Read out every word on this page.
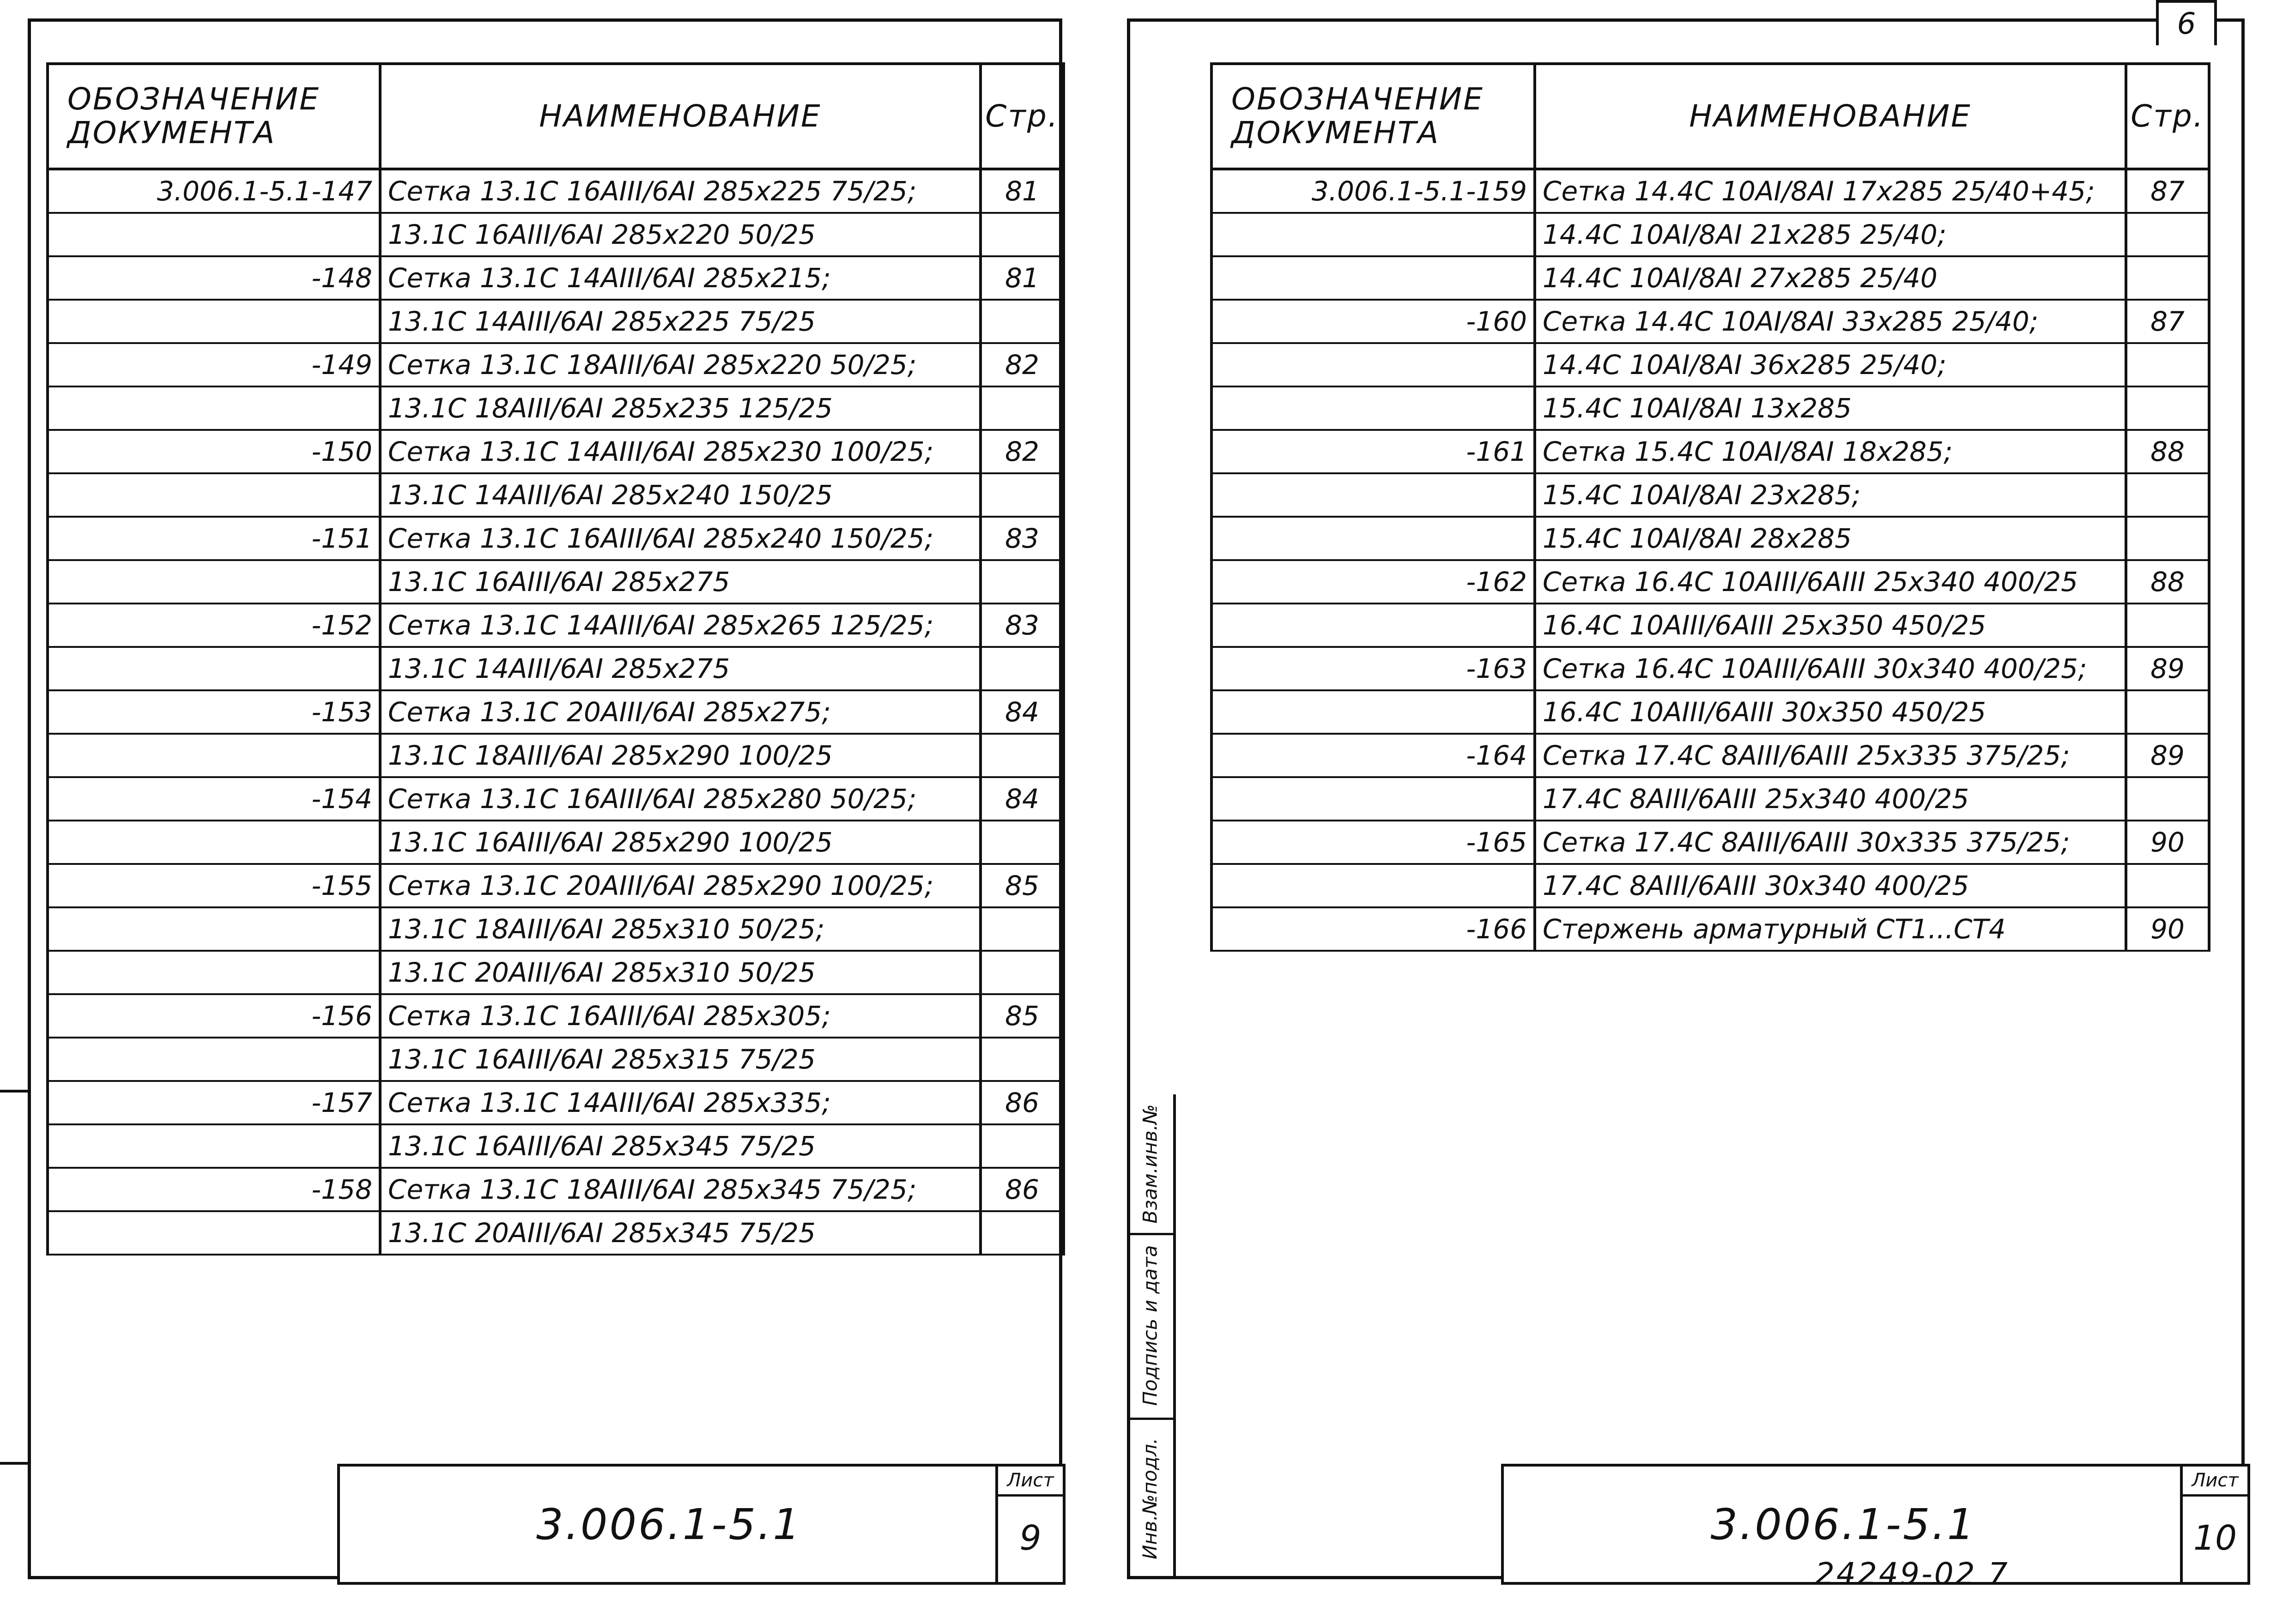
ОБОЗНАЧЕНИЕ ДОКУМЕНТА	НАИМЕНОВАНИЕ	Стр.
3.006.1-5.1-147	Сетка 13.1С 16AIII/6AI 285x225 75/25;	81
	13.1С 16AIII/6AI 285x220 50/25	
-148	Сетка 13.1С 14AIII/6AI 285x215;	81
	13.1С 14AIII/6AI 285x225 75/25	
-149	Сетка 13.1С 18AIII/6AI 285x220 50/25;	82
	13.1С 18AIII/6AI 285x235 125/25	
-150	Сетка 13.1С 14AIII/6AI 285x230 100/25;	82
	13.1С 14AIII/6AI 285x240 150/25	
-151	Сетка 13.1С 16AIII/6AI 285x240 150/25;	83
	13.1С 16AIII/6AI 285x275	
-152	Сетка 13.1С 14AIII/6AI 285x265 125/25;	83
	13.1С 14AIII/6AI 285x275	
-153	Сетка 13.1С 20AIII/6AI 285x275;	84
	13.1С 18AIII/6AI 285x290 100/25	
-154	Сетка 13.1С 16AIII/6AI 285x280 50/25;	84
	13.1С 16AIII/6AI 285x290 100/25	
-155	Сетка 13.1С 20AIII/6AI 285x290 100/25;	85
	13.1С 18AIII/6AI 285x310 50/25;	
	13.1С 20AIII/6AI 285x310 50/25	
-156	Сетка 13.1С 16AIII/6AI 285x305;	85
	13.1С 16AIII/6AI 285x315 75/25	
-157	Сетка 13.1С 14AIII/6AI 285x335;	86
	13.1С 16AIII/6AI 285x345 75/25	
-158	Сетка 13.1С 18AIII/6AI 285x345 75/25;	86
	13.1С 20AIII/6AI 285x345 75/25	
3.006.1-5.1
Лист
9
6
Взам.инв.№
Подпись и дата
Инв.№подл.
ОБОЗНАЧЕНИЕ ДОКУМЕНТА	НАИМЕНОВАНИЕ	Стр.
3.006.1-5.1-159	Сетка 14.4С 10AI/8AI 17x285 25/40+45;	87
	14.4С 10AI/8AI 21x285 25/40;	
	14.4С 10AI/8AI 27x285 25/40	
-160	Сетка 14.4С 10AI/8AI 33x285 25/40;	87
	14.4С 10AI/8AI 36x285 25/40;	
	15.4С 10AI/8AI 13x285	
-161	Сетка 15.4С 10AI/8AI 18x285;	88
	15.4С 10AI/8AI 23x285;	
	15.4С 10AI/8AI 28x285	
-162	Сетка 16.4С 10AIII/6AIII 25x340 400/25	88
	16.4С 10AIII/6AIII 25x350 450/25	
-163	Сетка 16.4С 10AIII/6AIII 30x340 400/25;	89
	16.4С 10AIII/6AIII 30x350 450/25	
-164	Сетка 17.4С 8AIII/6AIII 25x335 375/25;	89
	17.4С 8AIII/6AIII 25x340 400/25	
-165	Сетка 17.4С 8AIII/6AIII 30x335 375/25;	90
	17.4С 8AIII/6AIII 30x340 400/25	
-166	Стержень арматурный СТ1...СТ4	90
3.006.1-5.1
Лист
10
24249-02 7
